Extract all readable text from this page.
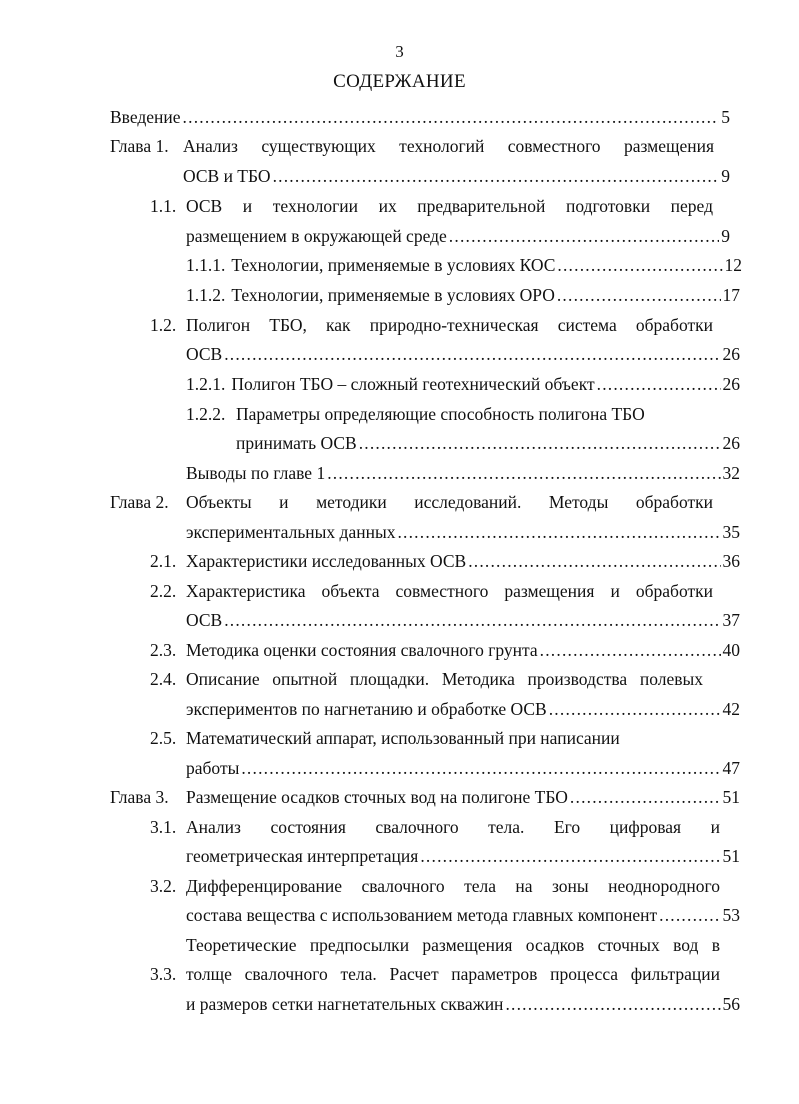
3
СОДЕРЖАНИЕ
Введение .....	5
Глава 1. Анализ существующих технологий совместного размещения
ОСВ и ТБО .....	9
1.1. ОСВ и технологии их предварительной подготовки перед
размещением в окружающей среде .....	9
1.1.1. Технологии, применяемые в условиях КОС .....	12
1.1.2. Технологии, применяемые в условиях ОРО .....	17
1.2. Полигон ТБО, как природно-техническая система обработки
ОСВ .....	26
1.2.1. Полигон ТБО – сложный геотехнический объект .....	26
1.2.2. Параметры определяющие способность полигона ТБО
принимать ОСВ .....	26
Выводы по главе 1 .....	32
Глава 2. Объекты и методики исследований. Методы обработки
экспериментальных данных .....	35
2.1. Характеристики исследованных ОСВ .....	36
2.2. Характеристика объекта совместного размещения и обработки
ОСВ .....	37
2.3. Методика оценки состояния свалочного грунта .....	40
2.4. Описание опытной площадки. Методика производства полевых
экспериментов по нагнетанию и обработке ОСВ .....	42
2.5. Математический аппарат, использованный при написании
работы .....	47
Глава 3. Размещение осадков сточных вод на полигоне ТБО .....	51
3.1. Анализ состояния свалочного тела. Его цифровая и
геометрическая интерпретация .....	51
3.2. Дифференцирование свалочного тела на зоны неоднородного
состава вещества с использованием метода главных компонент .....	53
Теоретические предпосылки размещения осадков сточных вод в
3.3. толще свалочного тела. Расчет параметров процесса фильтрации
и размеров сетки нагнетательных скважин .....	56
